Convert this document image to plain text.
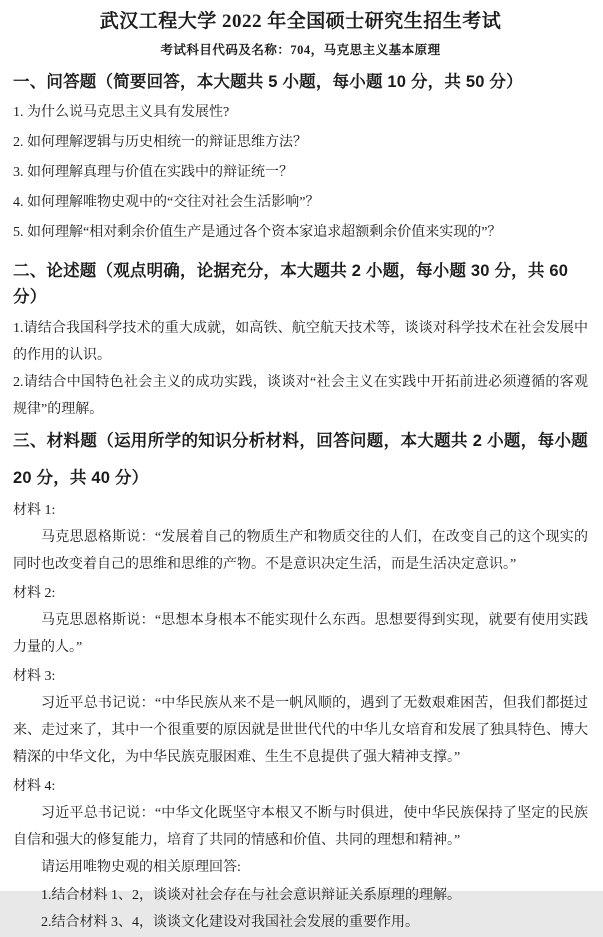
武汉工程大学 2022 年全国硕士研究生招生考试
考试科目代码及名称：704，马克思主义基本原理
一、问答题（简要回答，本大题共 5 小题，每小题 10 分，共 50 分）

1. 为什么说马克思主义具有发展性?

2. 如何理解逻辑与历史相统一的辩证思维方法？

3. 如何理解真理与价值在实践中的辩证统一？

4. 如何理解唯物史观中的“交往对社会生活影响”？

5. 如何理解“相对剩余价值生产是通过各个资本家追求超额剩余价值来实现的”？

二、论述题（观点明确，论据充分，本大题共 2 小题，每小题 30 分，共 60 分）

1.请结合我国科学技术的重大成就，如高铁、航空航天技术等，谈谈对科学技术在社会发展中的作用的认识。

2.请结合中国特色社会主义的成功实践，谈谈对“社会主义在实践中开拓前进必须遵循的客观规律”的理解。

三、材料题（运用所学的知识分析材料，回答问题，本大题共 2 小题，每小题 20 分，共 40 分）

材料 1:

马克思恩格斯说：“发展着自己的物质生产和物质交往的人们，在改变自己的这个现实的同时也改变着自己的思维和思维的产物。不是意识决定生活，而是生活决定意识。”

材料 2:

马克思恩格斯说：“思想本身根本不能实现什么东西。思想要得到实现，就要有使用实践力量的人。”

材料 3:

习近平总书记说：“中华民族从来不是一帆风顺的，遇到了无数艰难困苦，但我们都挺过来、走过来了，其中一个很重要的原因就是世世代代的中华儿女培育和发展了独具特色、博大精深的中华文化，为中华民族克服困难、生生不息提供了强大精神支撑。”

材料 4:

习近平总书记说：“中华文化既坚守本根又不断与时俱进，使中华民族保持了坚定的民族自信和强大的修复能力，培育了共同的情感和价值、共同的理想和精神。”

请运用唯物史观的相关原理回答:

1.结合材料 1、2，谈谈对社会存在与社会意识辩证关系原理的理解。

2.结合材料 3、4，谈谈文化建设对我国社会发展的重要作用。
